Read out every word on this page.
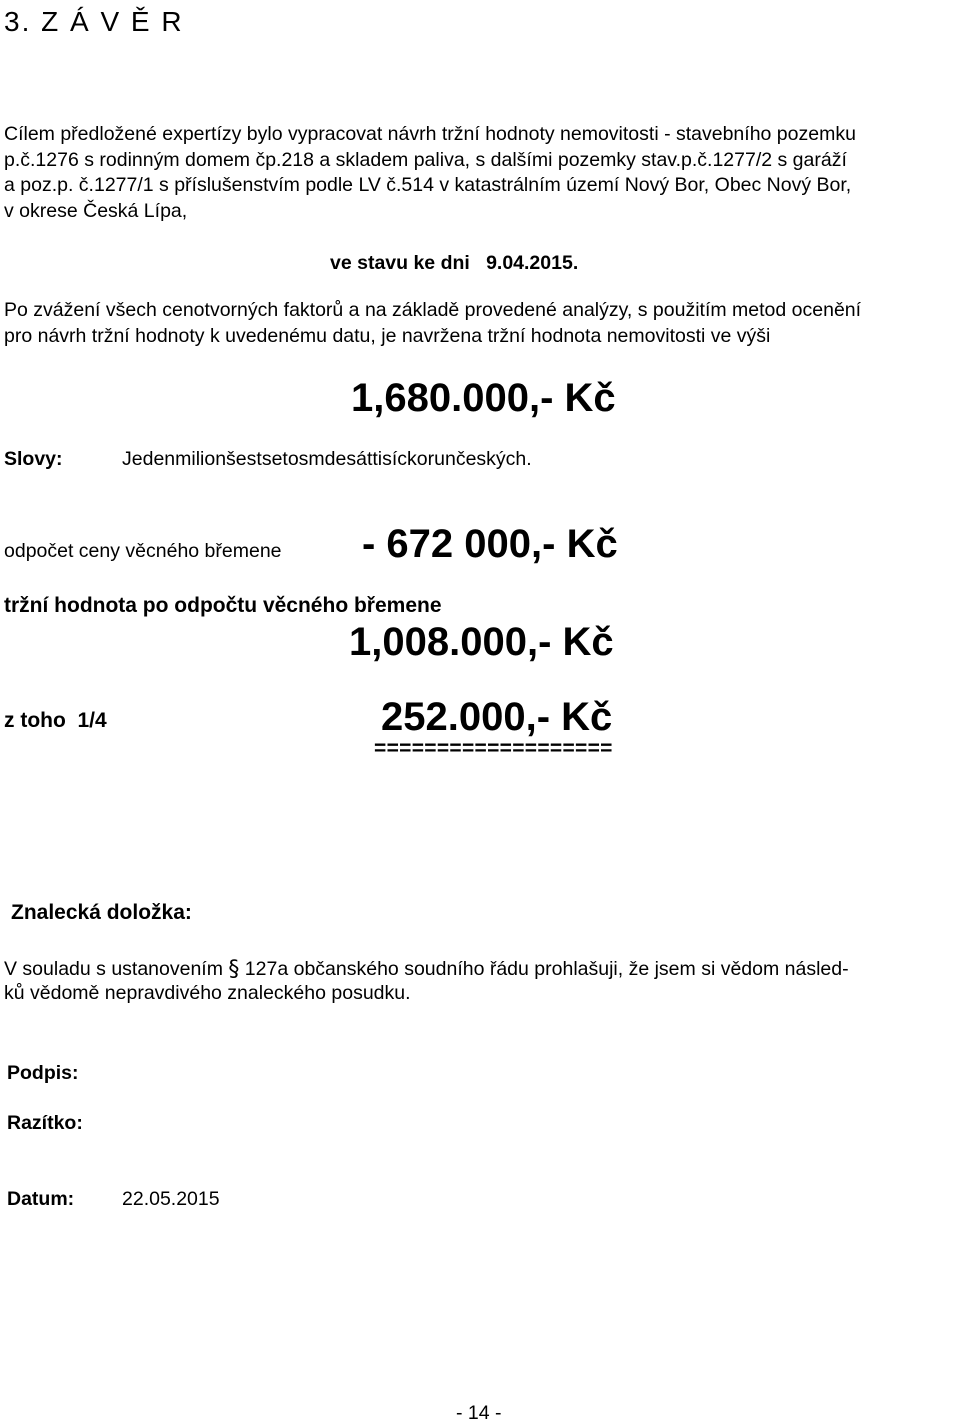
3. Z Á V Ě R
Cílem předložené expertízy bylo vypracovat návrh tržní hodnoty nemovitosti - stavebního pozemku
p.č.1276 s rodinným domem čp.218 a skladem paliva, s dalšími pozemky stav.p.č.1277/2 s garáží
a poz.p. č.1277/1 s příslušenstvím podle LV č.514 v katastrálním území Nový Bor, Obec Nový Bor,
v okrese Česká Lípa,
ve stavu ke dni   9.04.2015.
Po zvážení všech cenotvorných faktorů a na základě provedené analýzy, s použitím metod ocenění
pro návrh tržní hodnoty k uvedenému datu, je navržena tržní hodnota nemovitosti ve výši
1,680.000,- Kč
Slovy:	Jedenmilionšestsetosmdesáttisíckorunčeských.
odpočet ceny věcného břemene - 672 000,- Kč
tržní hodnota po odpočtu věcného břemene
1,008.000,- Kč
z toho  1/4	252.000,- Kč
===================
Znalecká doložka:
V souladu s ustanovením § 127a občanského soudního řádu prohlašuji, že jsem si vědom násled-
ků vědomě nepravdivého znaleckého posudku.
Podpis:
Razítko:
Datum: 22.05.2015
- 14 -
